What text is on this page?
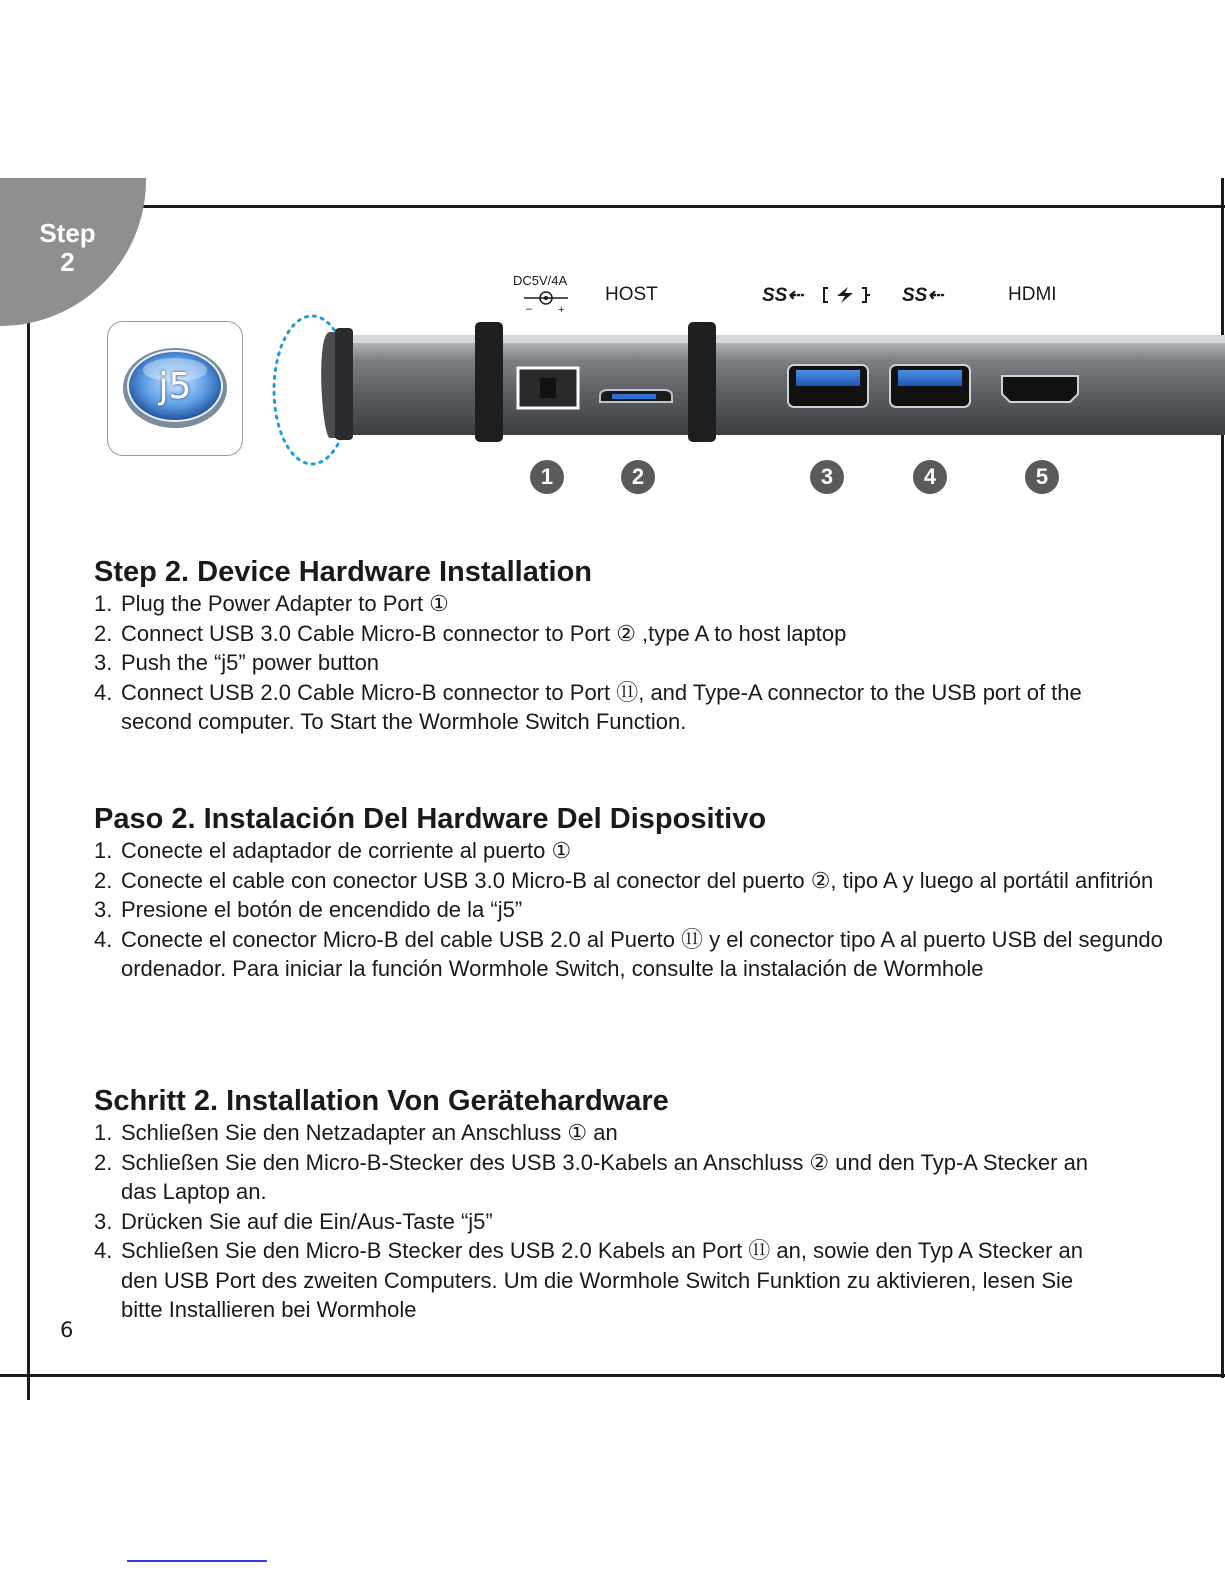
Step
2
j5
DC5V/4A
– +
HOST	SS⇠	SS⇠	HDMI
1	2	3	4	5
Step 2. Device Hardware Installation
1. Plug the Power Adapter to Port ①
2. Connect USB 3.0 Cable Micro-B connector to Port ② ,type A to host laptop
3. Push the “j5” power button
4. Connect USB 2.0 Cable Micro-B connector to Port ⑪, and Type-A connector to the USB port of the second computer. To Start the Wormhole Switch Function.
Paso 2. Instalación Del Hardware Del Dispositivo
1. Conecte el adaptador de corriente al puerto ①
2. Conecte el cable con conector USB 3.0 Micro-B al conector del puerto ②, tipo A y luego al portátil anfitrión
3. Presione el botón de encendido de la “j5”
4. Conecte el conector Micro-B del cable USB 2.0 al Puerto ⑪ y el conector tipo A al puerto USB del segundo ordenador. Para iniciar la función Wormhole Switch, consulte la instalación de Wormhole
Schritt 2. Installation Von Gerätehardware
1. Schließen Sie den Netzadapter an Anschluss ① an
2. Schließen Sie den Micro-B-Stecker des USB 3.0-Kabels an Anschluss ② und den Typ-A Stecker an das Laptop an.
3. Drücken Sie auf die Ein/Aus-Taste “j5”
4. Schließen Sie den Micro-B Stecker des USB 2.0 Kabels an Port ⑪ an, sowie den Typ A Stecker an den USB Port des zweiten Computers. Um die Wormhole Switch Funktion zu aktivieren, lesen Sie bitte Installieren bei Wormhole
6
